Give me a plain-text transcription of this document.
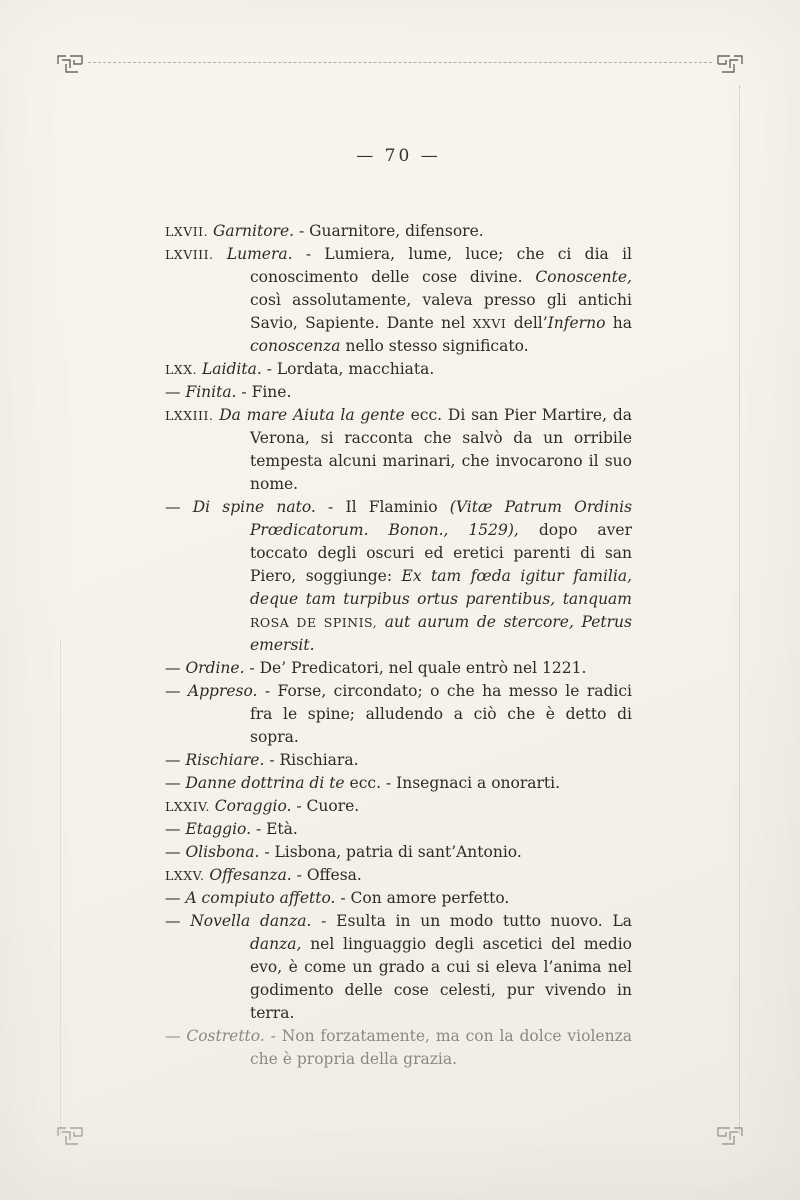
— 70 —
LXVII. Garnitore. - Guarnitore, difensore.
LXVIII. Lumera. - Lumiera, lume, luce; che ci dia il conoscimento delle cose divine. Conoscente, così assolutamente, valeva presso gli antichi Savio, Sapiente. Dante nel XXVI dell’Inferno ha conoscenza nello stesso significato.
LXX. Laidita. - Lordata, macchiata.
— Finita. - Fine.
LXXIII. Da mare Aiuta la gente ecc. Di san Pier Martire, da Verona, si racconta che salvò da un orribile tempesta alcuni marinari, che invocarono il suo nome.
— Di spine nato. - Il Flaminio (Vitæ Patrum Ordinis Prœdicatorum. Bonon., 1529), dopo aver toccato degli oscuri ed eretici parenti di san Piero, soggiunge: Ex tam fœda igitur familia, deque tam turpibus ortus parentibus, tanquam ROSA DE SPINIS, aut aurum de stercore, Petrus emersit.
— Ordine. - De’ Predicatori, nel quale entrò nel 1221.
— Appreso. - Forse, circondato; o che ha messo le radici fra le spine; alludendo a ciò che è detto di sopra.
— Rischiare. - Rischiara.
— Danne dottrina di te ecc. - Insegnaci a onorarti.
LXXIV. Coraggio. - Cuore.
— Etaggio. - Età.
— Olisbona. - Lisbona, patria di sant’Antonio.
LXXV. Offesanza. - Offesa.
— A compiuto affetto. - Con amore perfetto.
— Novella danza. - Esulta in un modo tutto nuovo. La danza, nel linguaggio degli ascetici del medio evo, è come un grado a cui si eleva l’anima nel godimento delle cose celesti, pur vivendo in terra.
— Costretto. - Non forzatamente, ma con la dolce violenza che è propria della grazia.
